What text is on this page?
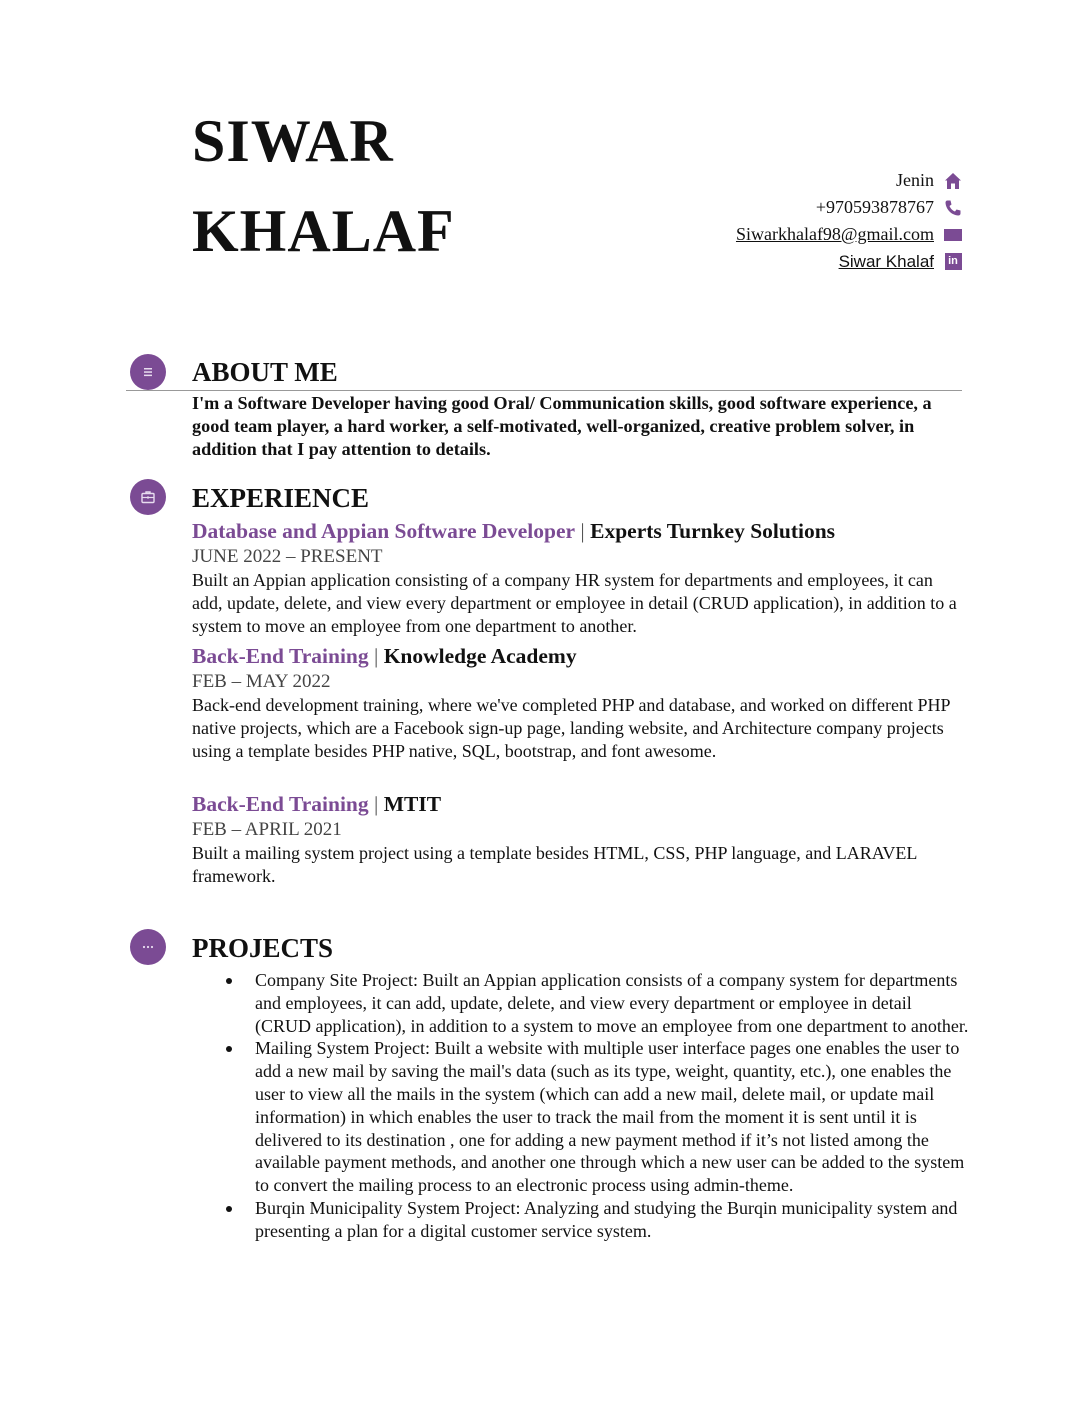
SIWAR
KHALAF
Jenin
+970593878767
Siwarkhalaf98@gmail.com
Siwar Khalaf	in
ABOUT ME
I'm a Software Developer having good Oral/ Communication skills, good software experience, a good team player, a hard worker, a self-motivated, well-organized, creative problem solver, in addition that I pay attention to details.
EXPERIENCE
Database and Appian Software Developer | Experts Turnkey Solutions
JUNE 2022 – PRESENT
Built an Appian application consisting of a company HR system for departments and employees, it can add, update, delete, and view every department or employee in detail (CRUD application), in addition to a system to move an employee from one department to another.
Back-End Training | Knowledge Academy
FEB – MAY 2022
Back-end development training, where we've completed PHP and database, and worked on different PHP native projects, which are a Facebook sign-up page, landing website, and Architecture company projects using a template besides PHP native, SQL, bootstrap, and font awesome.
Back-End Training | MTIT
FEB – APRIL 2021
Built a mailing system project using a template besides HTML, CSS, PHP language, and LARAVEL framework.
PROJECTS
Company Site Project: Built an Appian application consists of a company system for departments and employees, it can add, update, delete, and view every department or employee in detail (CRUD application), in addition to a system to move an employee from one department to another.
Mailing System Project: Built a website with multiple user interface pages one enables the user to add a new mail by saving the mail's data (such as its type, weight, quantity, etc.), one enables the user to view all the mails in the system (which can add a new mail, delete mail, or update mail information) in which enables the user to track the mail from the moment it is sent until it is delivered to its destination , one for adding a new payment method if it’s not listed among the available payment methods, and another one through which a new user can be added to the system to convert the mailing process to an electronic process using admin-theme.
Burqin Municipality System Project: Analyzing and studying the Burqin municipality system and presenting a plan for a digital customer service system.
